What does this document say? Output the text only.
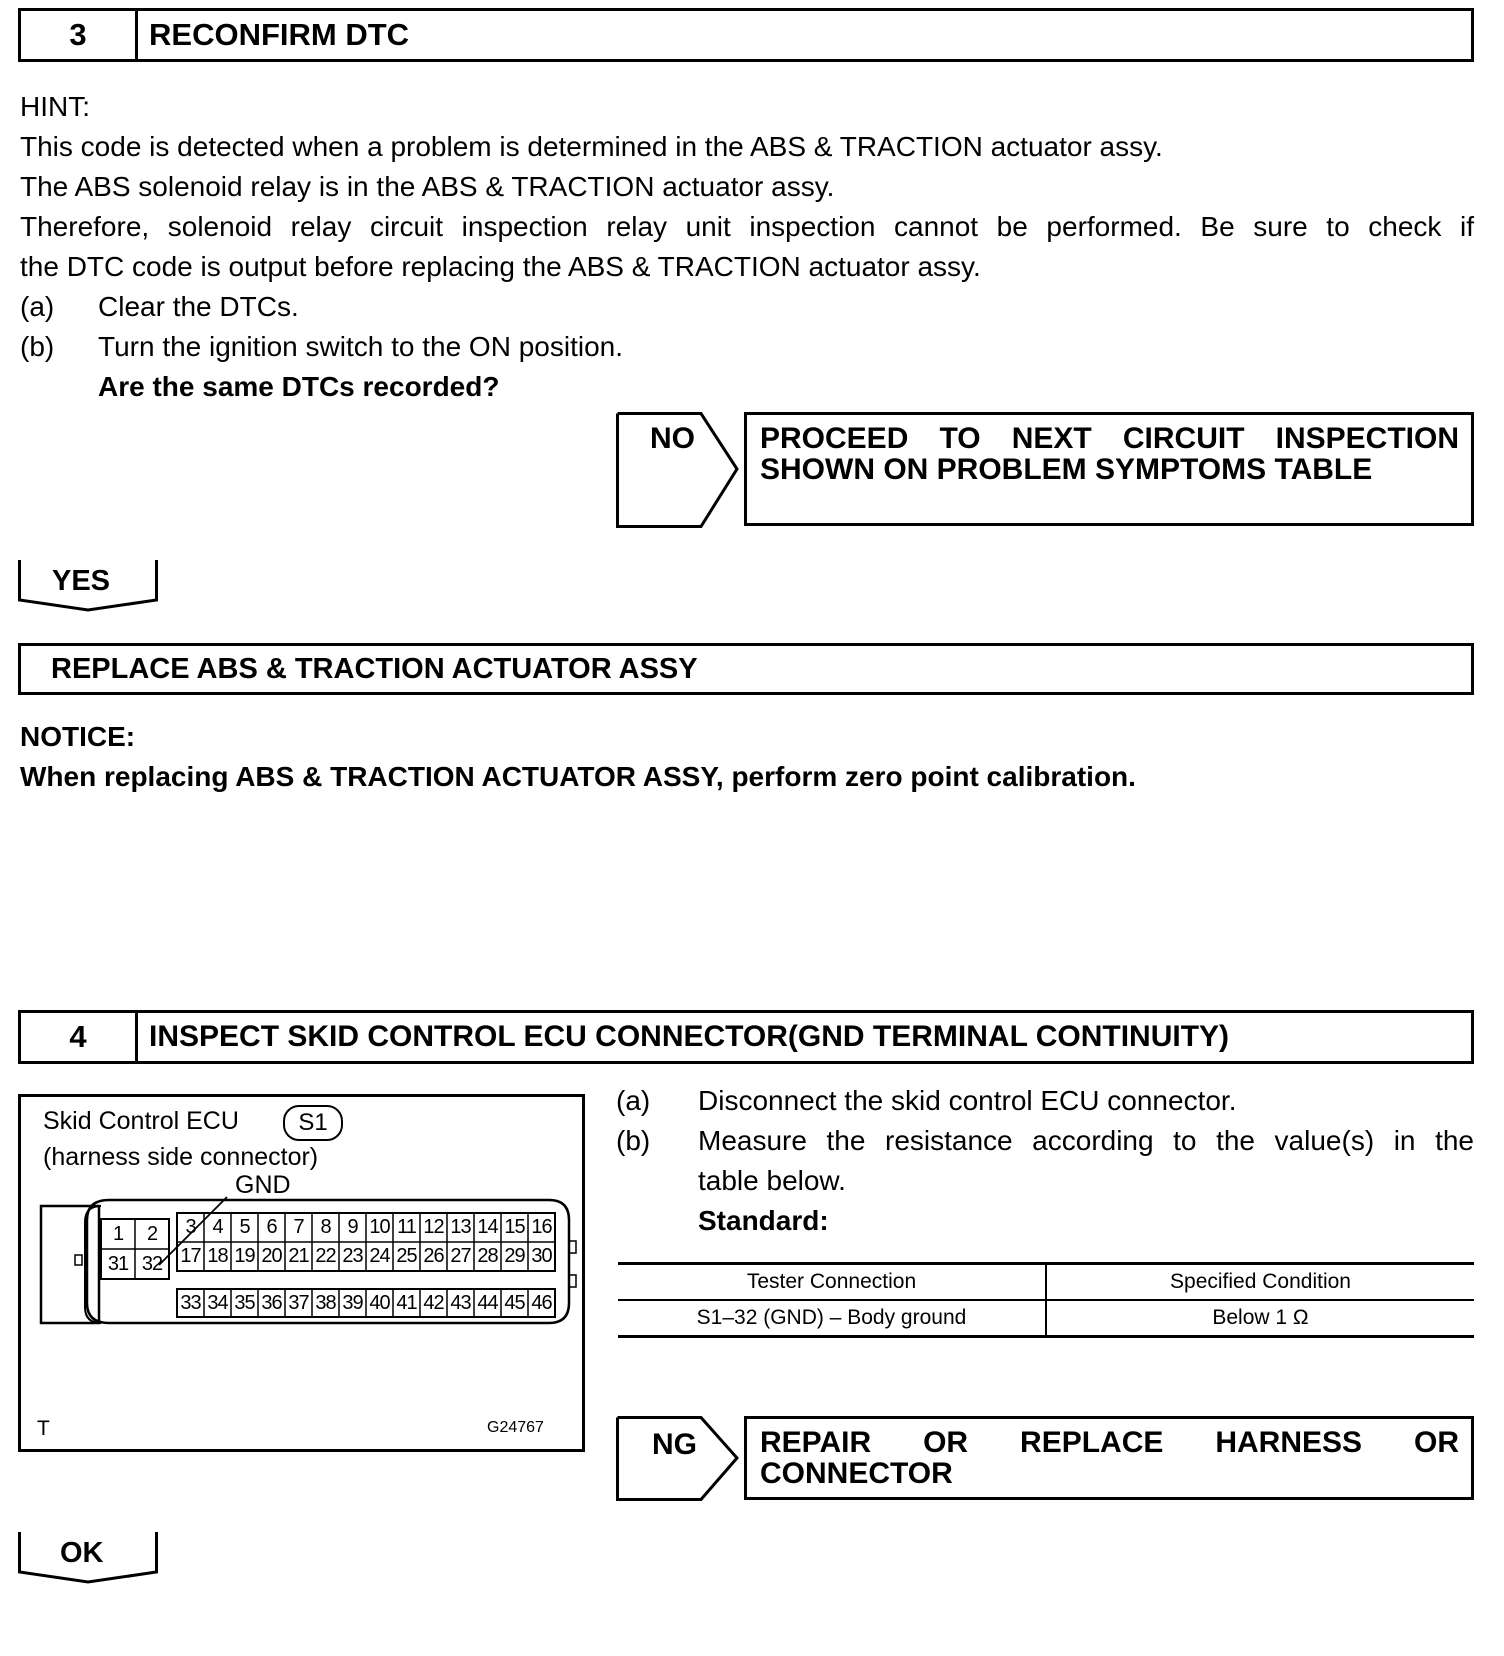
3	RECONFIRM DTC
HINT:
This code is detected when a problem is determined in the ABS & TRACTION actuator assy.
The ABS solenoid relay is in the ABS & TRACTION actuator assy.
Therefore, solenoid relay circuit inspection relay unit inspection cannot be performed. Be sure to check if
the DTC code is output before replacing the ABS & TRACTION actuator assy.
(a) Clear the DTCs.
(b) Turn the ignition switch to the ON position.
Are the same DTCs recorded?
NO PROCEED TO NEXT CIRCUIT INSPECTION
SHOWN ON PROBLEM SYMPTOMS TABLE
YES
REPLACE ABS & TRACTION ACTUATOR ASSY
NOTICE:
When replacing ABS & TRACTION ACTUATOR ASSY, perform zero point calibration.
4	INSPECT SKID CONTROL ECU CONNECTOR(GND TERMINAL CONTINUITY)
Skid Control ECU	S1
(harness side connector)
GND
1	2
31 32
3 4 5 6 7 8 9 10 11 12 13 14 15 16
17 18 19 20 21 22 23 24 25 26 27 28 29 30
33 34 35 36 37 38 39 40 41 42 43 44 45 46
T	G24767
(a) Disconnect the skid control ECU connector.
(b) Measure the resistance according to the value(s) in the
table below.
Standard:
Tester Connection	Specified Condition
S1–32 (GND) – Body ground	Below 1 Ω
NG REPAIR OR REPLACE HARNESS OR
CONNECTOR
OK
